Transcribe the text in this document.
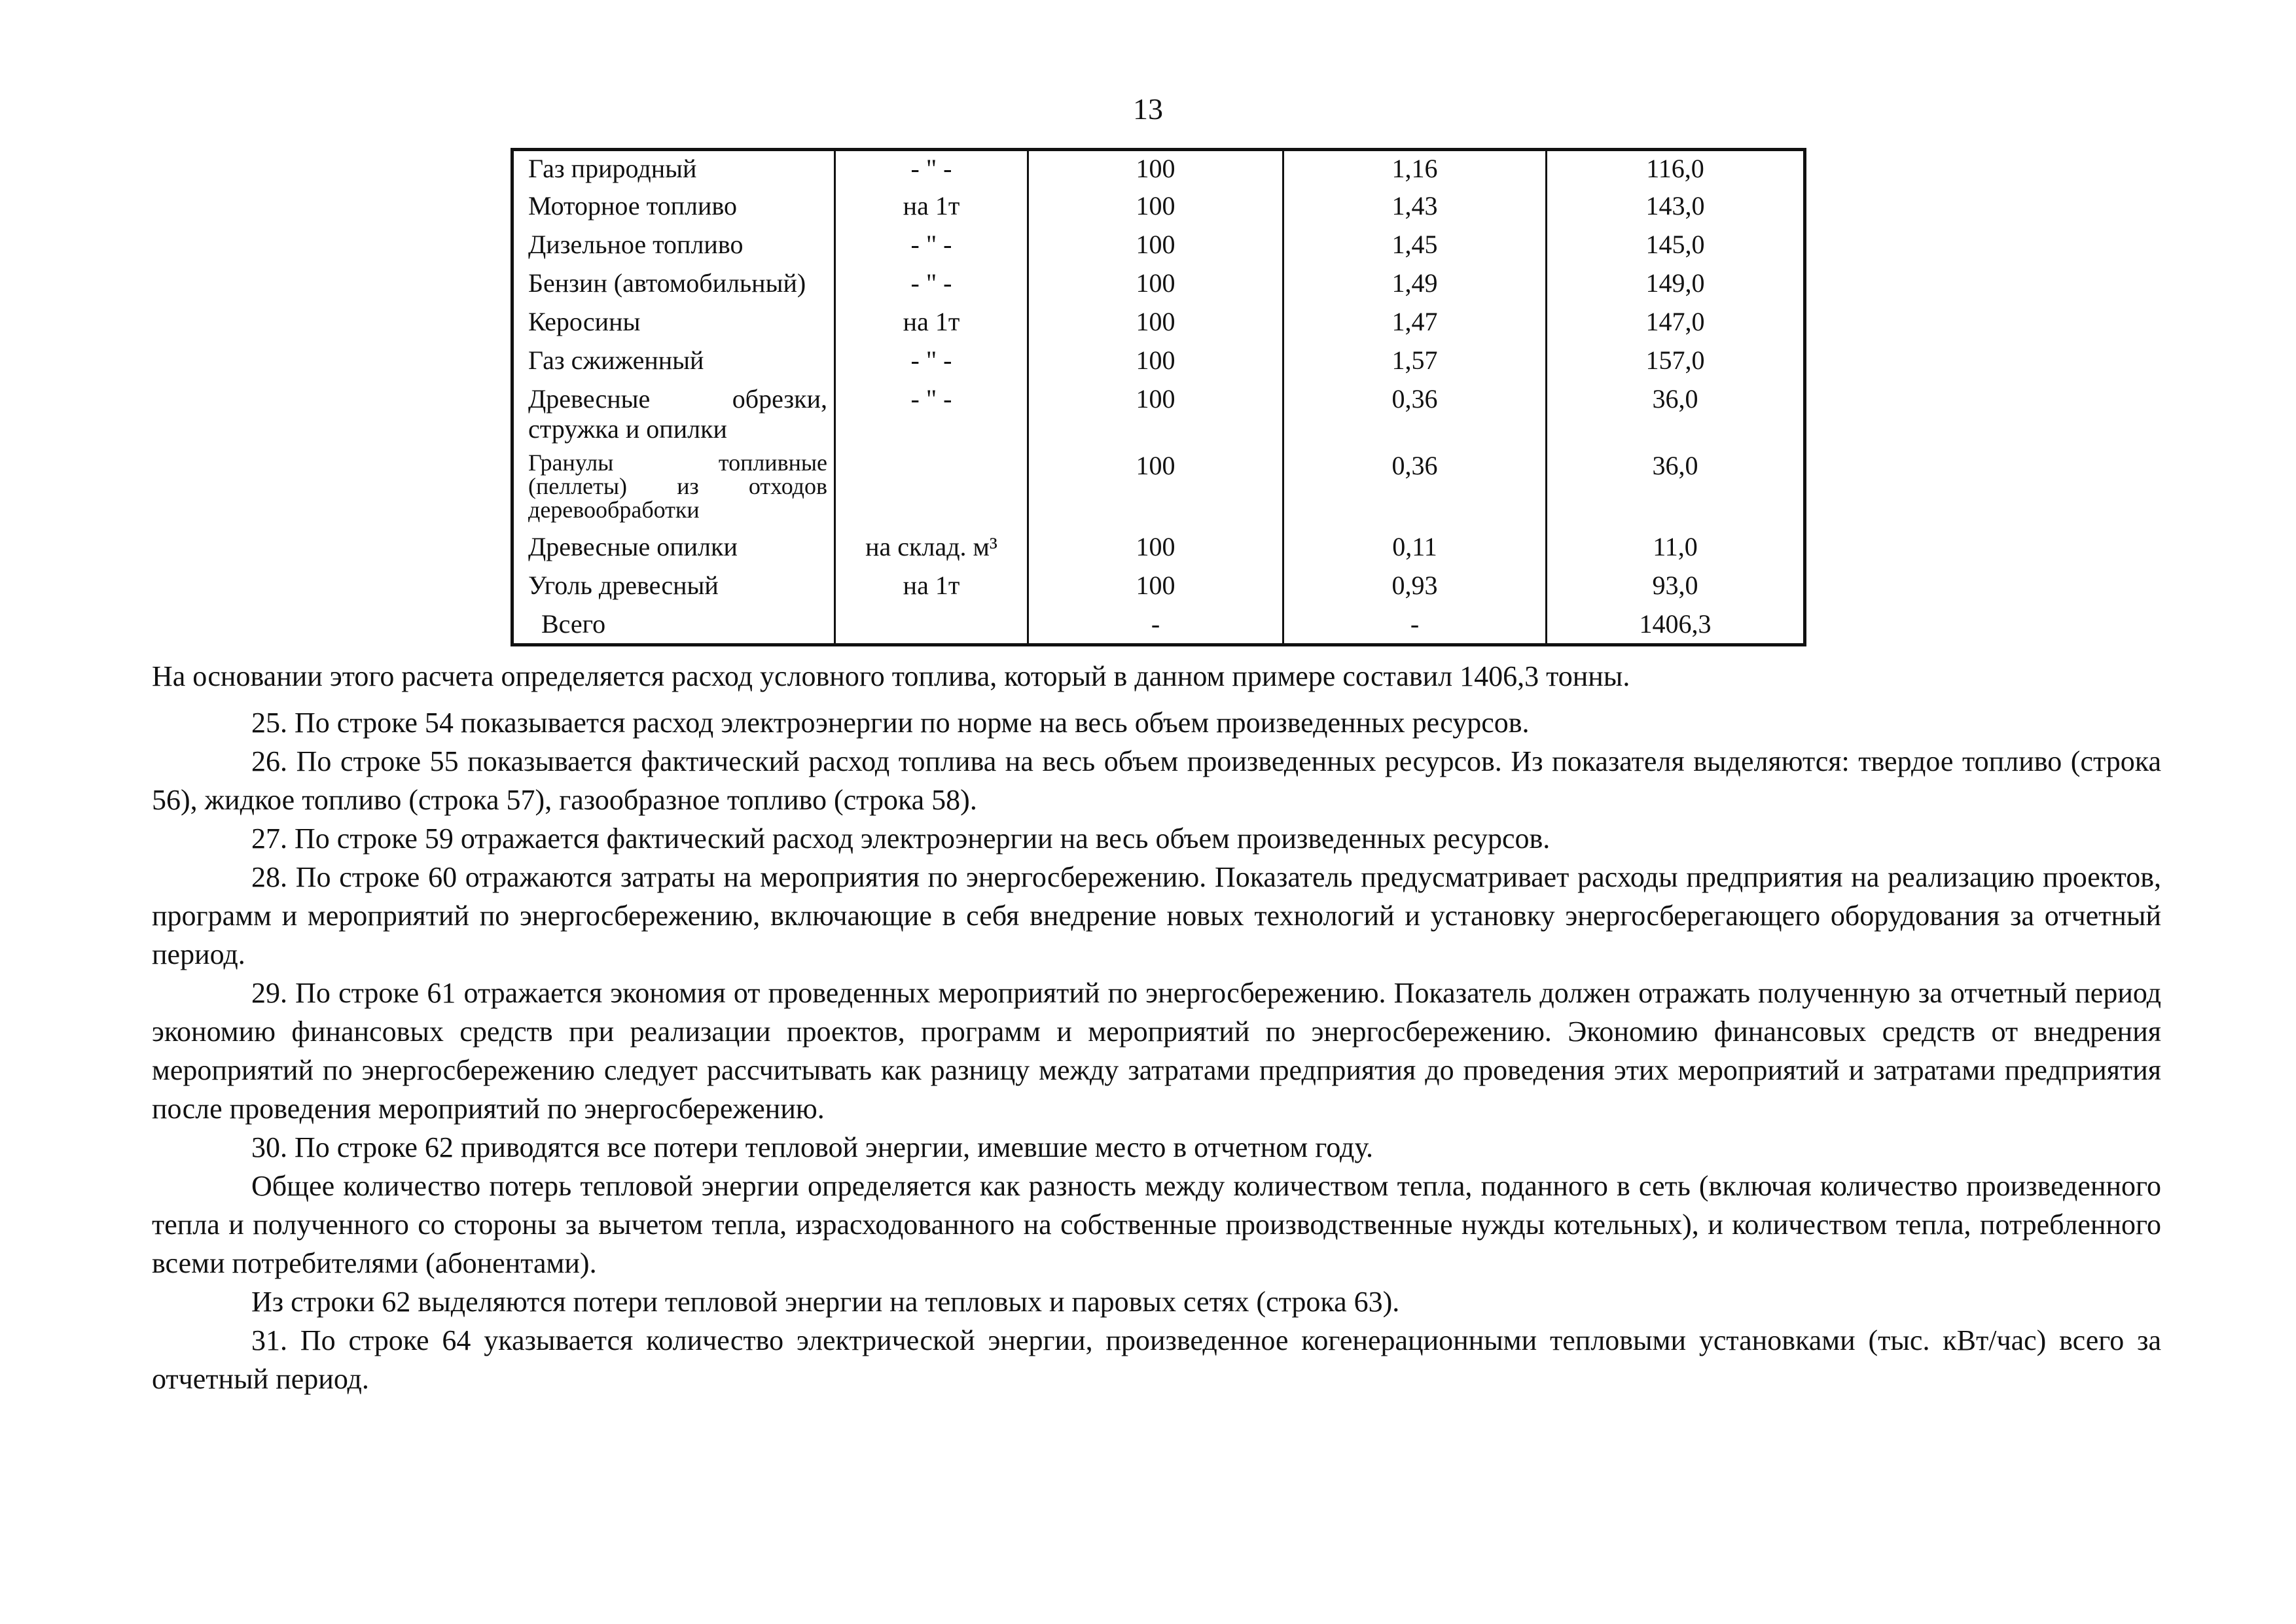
13
Газ природный	- " -	100	1,16	116,0
Моторное топливо	на 1т	100	1,43	143,0
Дизельное топливо	- " -	100	1,45	145,0
Бензин (автомобильный)	- " -	100	1,49	149,0
Керосины	на 1т	100	1,47	147,0
Газ сжиженный	- " -	100	1,57	157,0
Древесные обрезки, стружка и опилки	- " -	100	0,36	36,0
Гранулы топливные (пеллеты) из отходов деревообработки		100	0,36	36,0
Древесные опилки	на склад. м³	100	0,11	11,0
Уголь древесный	на 1т	100	0,93	93,0
Всего		-	-	1406,3

На основании этого расчета определяется расход условного топлива, который в данном примере составил 1406,3 тонны.

25. По строке 54 показывается расход электроэнергии по норме на весь объем произведенных ресурсов.

26. По строке 55 показывается фактический расход топлива на весь объем произведенных ресурсов. Из показателя выделяются: твердое топливо (строка 56), жидкое топливо (строка 57), газообразное топливо (строка 58).

27. По строке 59 отражается фактический расход электроэнергии на весь объем произведенных ресурсов.

28. По строке 60 отражаются затраты на мероприятия по энергосбережению. Показатель предусматривает расходы предприятия на реализацию проектов, программ и мероприятий по энергосбережению, включающие в себя внедрение новых технологий и установку энергосберегающего оборудования за отчетный период.

29. По строке 61 отражается экономия от проведенных мероприятий по энергосбережению. Показатель должен отражать полученную за отчетный период экономию финансовых средств при реализации проектов, программ и мероприятий по энергосбережению. Экономию финансовых средств от внедрения мероприятий по энергосбережению следует рассчитывать как разницу между затратами предприятия до проведения этих мероприятий и затратами предприятия после проведения мероприятий по энергосбережению.

30. По строке 62 приводятся все потери тепловой энергии, имевшие место в отчетном году.

Общее количество потерь тепловой энергии определяется как разность между количеством тепла, поданного в сеть (включая количество произведенного тепла и полученного со стороны за вычетом тепла, израсходованного на собственные производственные нужды котельных), и количеством тепла, потребленного всеми потребителями (абонентами).

Из строки 62 выделяются потери тепловой энергии на тепловых и паровых сетях (строка 63).

31. По строке 64 указывается количество электрической энергии, произведенное когенерационными тепловыми установками (тыс. кВт/час) всего за отчетный период.
